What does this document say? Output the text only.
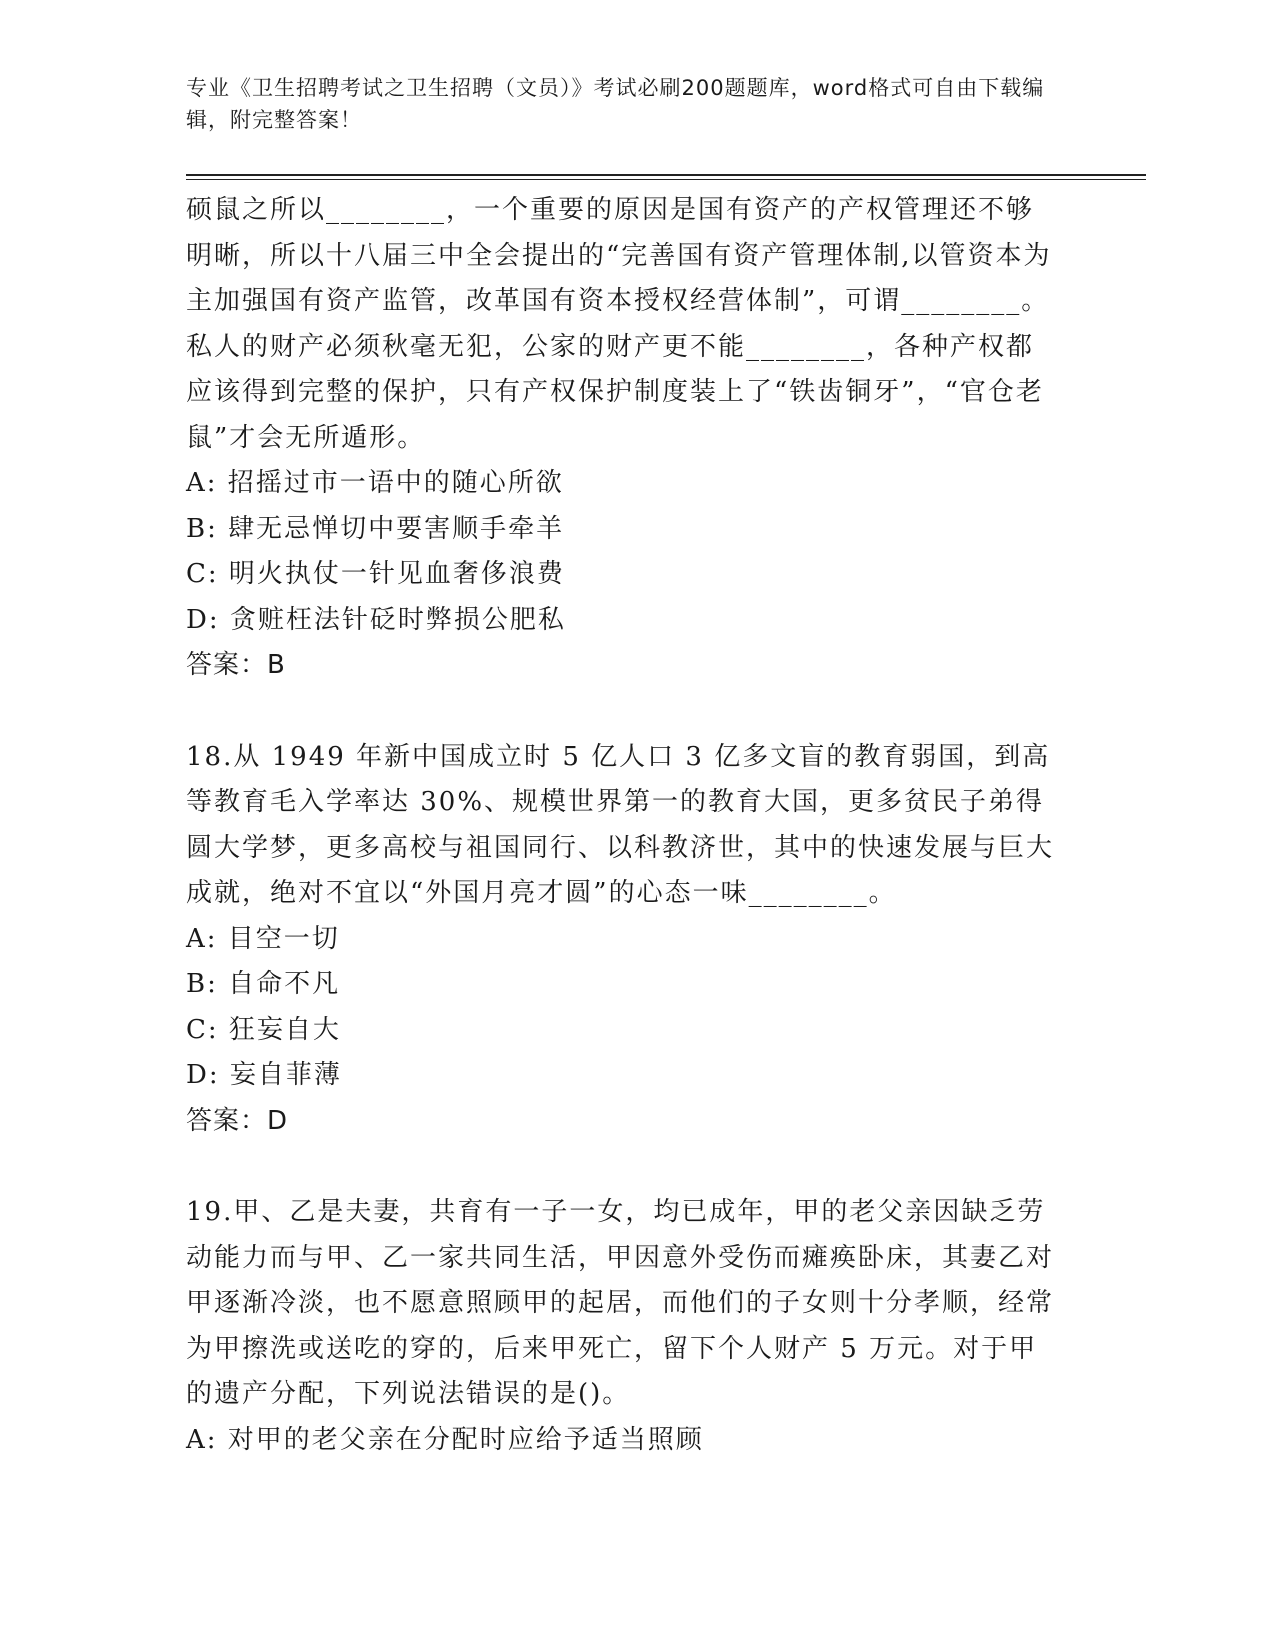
专业《卫生招聘考试之卫生招聘（文员）》考试必刷200题题库，word格式可自由下载编辑，附完整答案！

硕鼠之所以________，一个重要的原因是国有资产的产权管理还不够明晰，所以十八届三中全会提出的“完善国有资产管理体制,以管资本为主加强国有资产监管，改革国有资本授权经营体制”，可谓________。私人的财产必须秋毫无犯，公家的财产更不能________，各种产权都应该得到完整的保护，只有产权保护制度装上了“铁齿铜牙”，“官仓老鼠”才会无所遁形。

A: 招摇过市一语中的随心所欲

B: 肆无忌惮切中要害顺手牵羊

C: 明火执仗一针见血奢侈浪费

D: 贪赃枉法针砭时弊损公肥私

答案：B

18.从 1949 年新中国成立时 5 亿人口 3 亿多文盲的教育弱国，到高等教育毛入学率达 30%、规模世界第一的教育大国，更多贫民子弟得圆大学梦，更多高校与祖国同行、以科教济世，其中的快速发展与巨大成就，绝对不宜以“外国月亮才圆”的心态一味________。

A: 目空一切

B: 自命不凡

C: 狂妄自大

D: 妄自菲薄

答案：D

19.甲、乙是夫妻，共育有一子一女，均已成年，甲的老父亲因缺乏劳动能力而与甲、乙一家共同生活，甲因意外受伤而瘫痪卧床，其妻乙对甲逐渐冷淡，也不愿意照顾甲的起居，而他们的子女则十分孝顺，经常为甲擦洗或送吃的穿的，后来甲死亡，留下个人财产 5 万元。对于甲的遗产分配，下列说法错误的是()。

A: 对甲的老父亲在分配时应给予适当照顾
